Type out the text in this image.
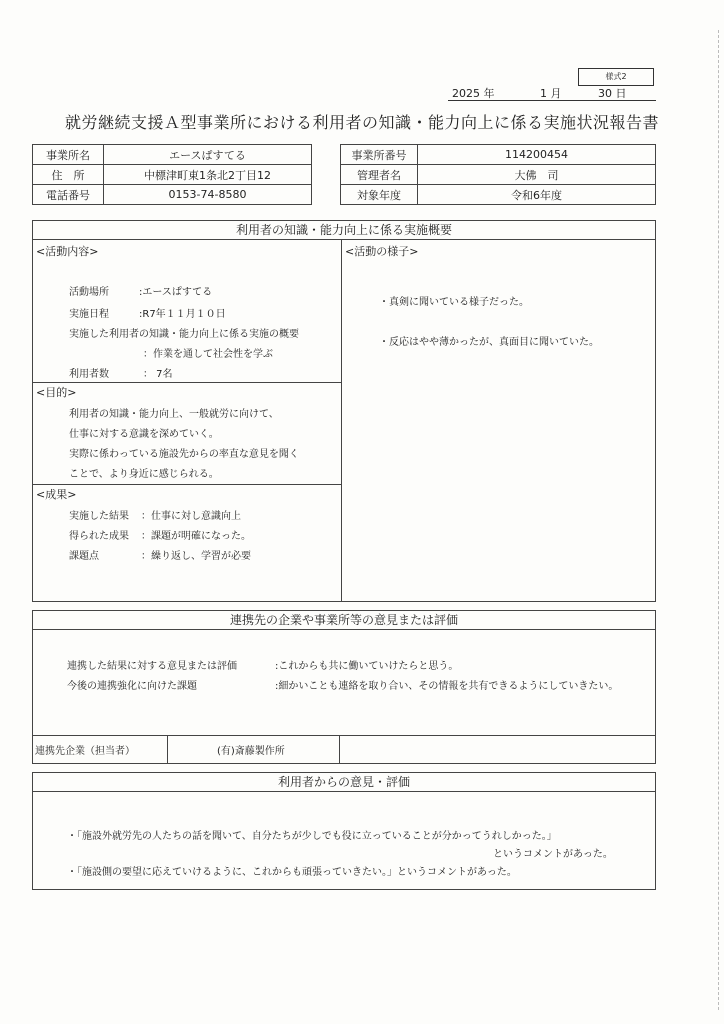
様式2
2025 年	1 月	30 日
就労継続支援Ａ型事業所における利用者の知識・能力向上に係る実施状況報告書
事業所名	エースぱすてる
住　所	中標津町東1条北2丁目12
電話番号	0153-74-8580
事業所番号	114200454
管理者名	大佛　司
対象年度	令和6年度
利用者の知識・能力向上に係る実施概要
<活動内容>
活動場所	:エースぱすてる
実施日程	:R7年１１月１０日
実施した利用者の知識・能力向上に係る実施の概要
：作業を通して社会性を学ぶ
利用者数	： 7名
<目的>
利用者の知識・能力向上、一般就労に向けて、
仕事に対する意識を深めていく。
実際に係わっている施設先からの率直な意見を聞く
ことで、より身近に感じられる。
<成果>
実施した結果 ：仕事に対し意識向上
得られた成果 ：課題が明確になった。
課題点	：繰り返し、学習が必要
<活動の様子>
・真剣に聞いている様子だった。
・反応はやや薄かったが、真面目に聞いていた。
連携先の企業や事業所等の意見または評価
連携した結果に対する意見または評価	:これからも共に働いていけたらと思う。
今後の連携強化に向けた課題	:細かいことも連絡を取り合い、その情報を共有できるようにしていきたい。
連携先企業（担当者）	(有)斎藤製作所
利用者からの意見・評価
・「施設外就労先の人たちの話を聞いて、自分たちが少しでも役に立っていることが分かってうれしかった。」
というコメントがあった。
・「施設側の要望に応えていけるように、これからも頑張っていきたい。」というコメントがあった。
